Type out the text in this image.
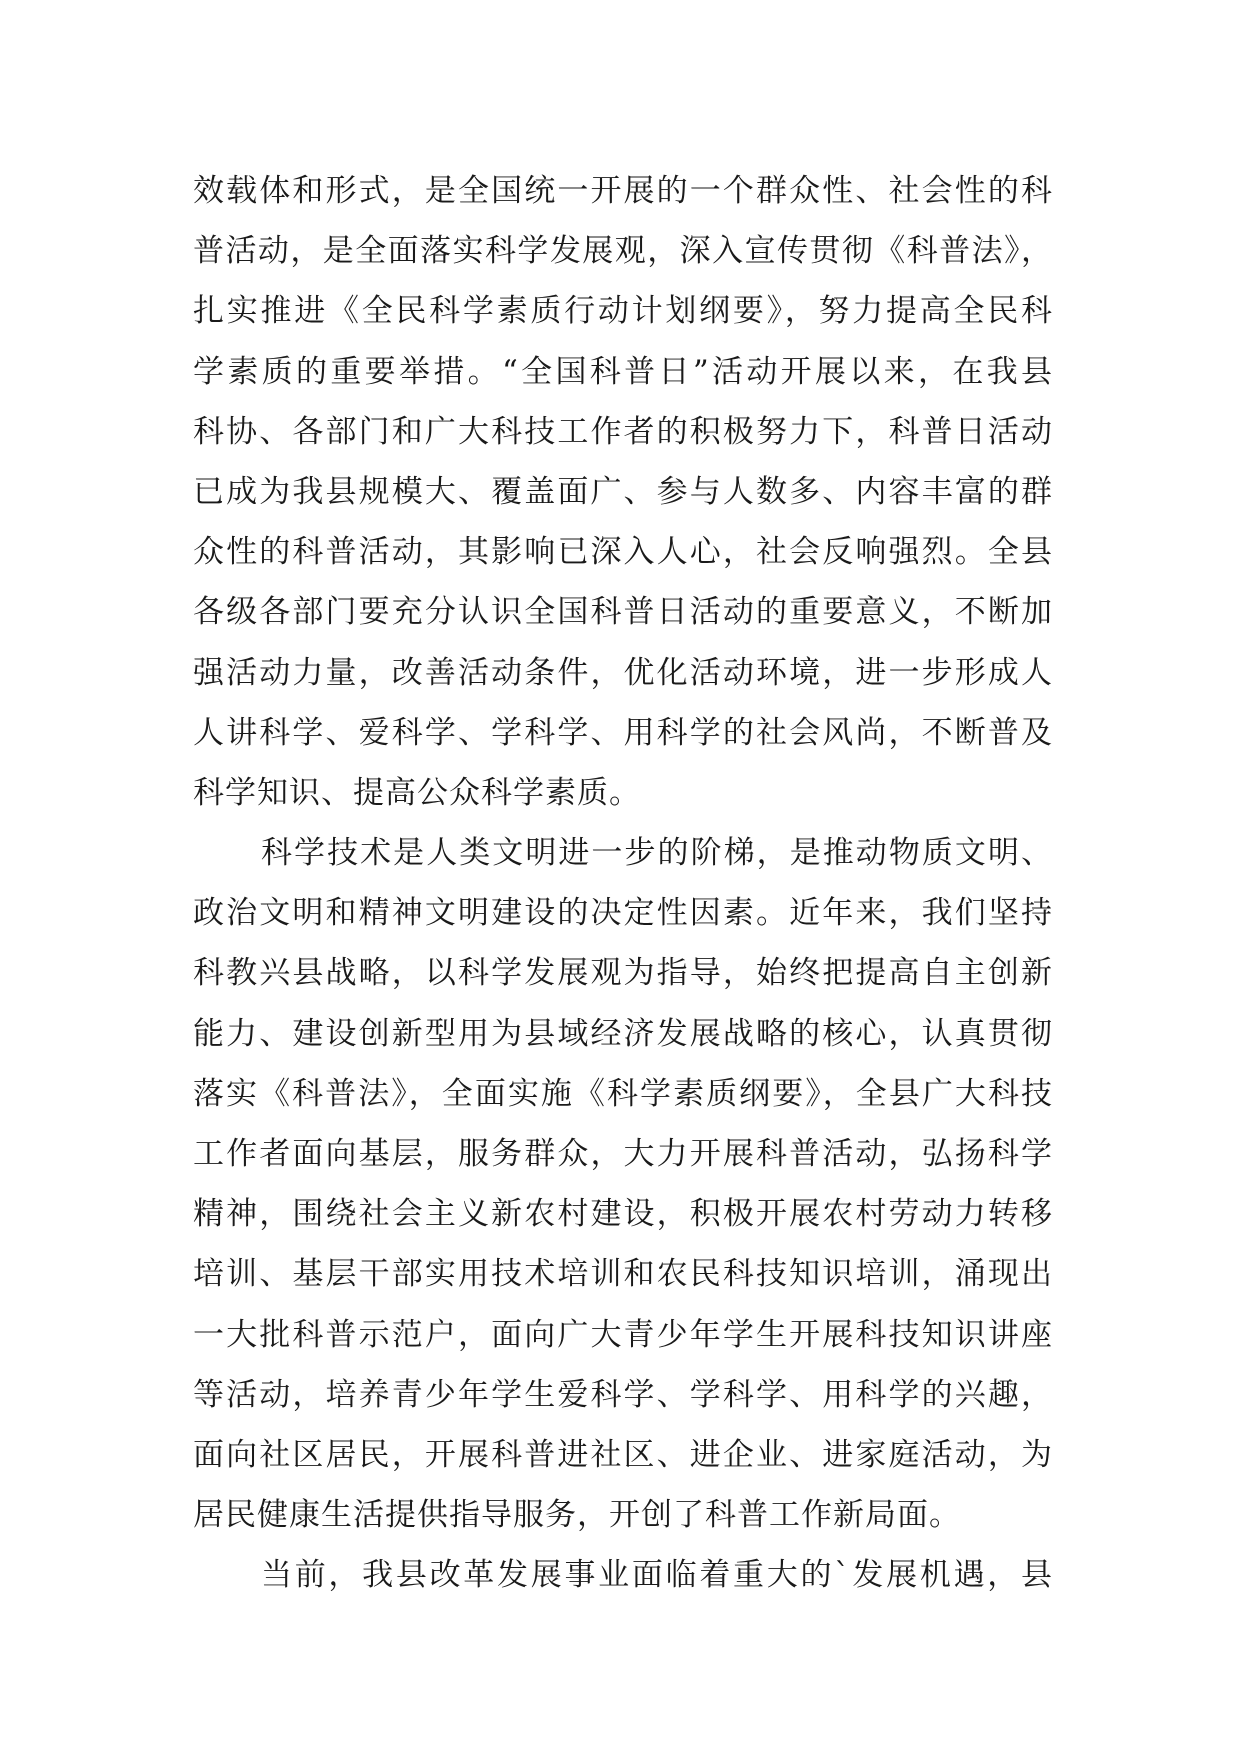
效载体和形式，是全国统一开展的一个群众性、社会性的科
普活动，是全面落实科学发展观，深入宣传贯彻《科普法》，
扎实推进《全民科学素质行动计划纲要》，努力提高全民科
学素质的重要举措。“全国科普日”活动开展以来，在我县
科协、各部门和广大科技工作者的积极努力下，科普日活动
已成为我县规模大、覆盖面广、参与人数多、内容丰富的群
众性的科普活动，其影响已深入人心，社会反响强烈。全县
各级各部门要充分认识全国科普日活动的重要意义，不断加
强活动力量，改善活动条件，优化活动环境，进一步形成人
人讲科学、爱科学、学科学、用科学的社会风尚，不断普及
科学知识、提高公众科学素质。
科学技术是人类文明进一步的阶梯，是推动物质文明、
政治文明和精神文明建设的决定性因素。近年来，我们坚持
科教兴县战略，以科学发展观为指导，始终把提高自主创新
能力、建设创新型用为县域经济发展战略的核心，认真贯彻
落实《科普法》，全面实施《科学素质纲要》，全县广大科技
工作者面向基层，服务群众，大力开展科普活动，弘扬科学
精神，围绕社会主义新农村建设，积极开展农村劳动力转移
培训、基层干部实用技术培训和农民科技知识培训，涌现出
一大批科普示范户，面向广大青少年学生开展科技知识讲座
等活动，培养青少年学生爱科学、学科学、用科学的兴趣，
面向社区居民，开展科普进社区、进企业、进家庭活动，为
居民健康生活提供指导服务，开创了科普工作新局面。
当前，我县改革发展事业面临着重大的`发展机遇，县
